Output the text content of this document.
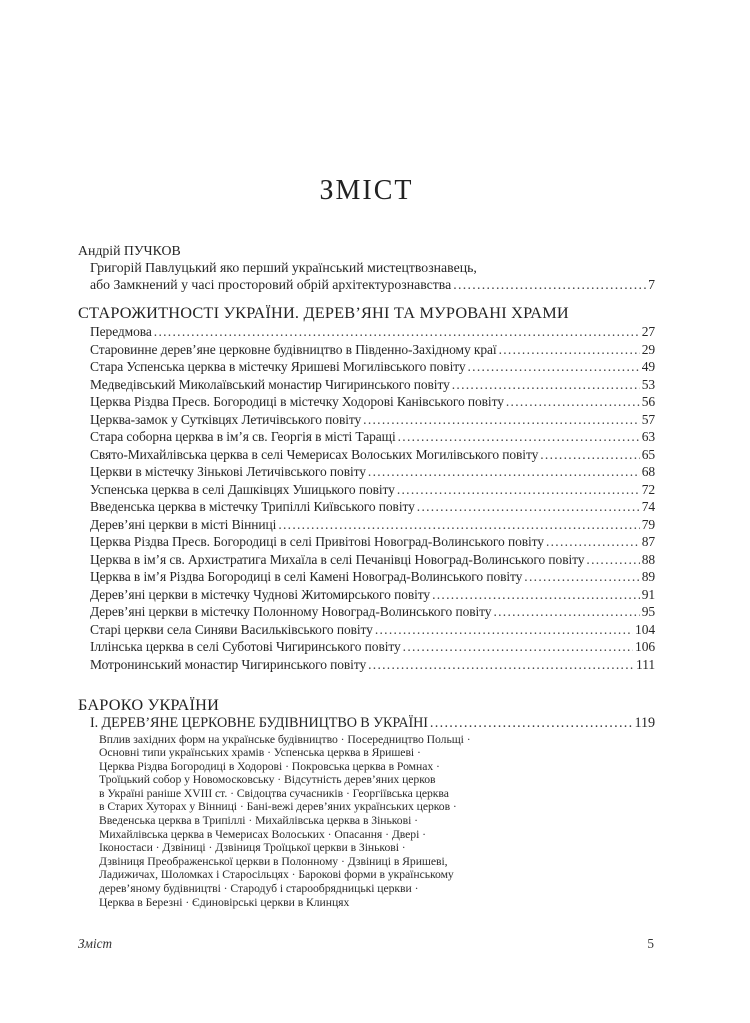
ЗМІСТ
Андрій ПУЧКОВ
Григорій Павлуцький яко перший український мистецтвознавець,
або Замкнений у часі просторовий обрій архітектурознавства .....	7
СТАРОЖИТНОСТІ УКРАЇНИ. ДЕРЕВ’ЯНІ ТА МУРОВАНІ ХРАМИ
Передмова .....	27
Старовинне дерев’яне церковне будівництво в Південно-Західному краї .....	29
Стара Успенська церква в містечку Яришеві Могилівського повіту .....	49
Медведівський Миколаївський монастир Чигиринського повіту .....	53
Церква Різдва Пресв. Богородиці в містечку Ходорові Канівського повіту .....	56
Церква-замок у Сутківцях Летичівського повіту .....	57
Стара соборна церква в ім’я св. Георгія в місті Таращі .....	63
Свято-Михайлівська церква в селі Чемерисах Волоських Могилівського повіту .....	65
Церкви в містечку Зінькові Летичівського повіту .....	68
Успенська церква в селі Дашківцях Ушицького повіту .....	72
Введенська церква в містечку Трипіллі Київського повіту .....	74
Дерев’яні церкви в місті Вінниці .....	79
Церква Різдва Пресв. Богородиці в селі Привітові Новоград-Волинського повіту .....	87
Церква в ім’я св. Архистратига Михаїла в селі Печанівці Новоград-Волинського повіту .....	88
Церква в ім’я Різдва Богородиці в селі Камені Новоград-Волинського повіту .....	89
Дерев’яні церкви в містечку Чуднові Житомирського повіту .....	91
Дерев’яні церкви в містечку Полонному Новоград-Волинського повіту .....	95
Старі церкви села Синяви Васильківського повіту .....	104
Іллінська церква в селі Суботові Чигиринського повіту .....	106
Мотронинський монастир Чигиринського повіту .....	111
БАРОКО УКРАЇНИ
І. ДЕРЕВ’ЯНЕ ЦЕРКОВНЕ БУДІВНИЦТВО В УКРАЇНІ .....	119
Вплив західних форм на українське будівництво · Посередництво Польщі ·
Основні типи українських храмів · Успенська церква в Яришеві ·
Церква Різдва Богородиці в Ходорові · Покровська церква в Ромнах ·
Троїцький собор у Новомосковську · Відсутність дерев’яних церков
в Україні раніше XVIII ст. · Свідоцтва сучасників · Георгіївська церква
в Старих Хуторах у Вінниці · Бані-вежі дерев’яних українських церков ·
Введенська церква в Трипіллі · Михайлівська церква в Зінькові ·
Михайлівська церква в Чемерисах Волоських · Опасання · Двері ·
Іконостаси · Дзвіниці · Дзвіниця Троїцької церкви в Зінькові ·
Дзвіниця Преображенської церкви в Полонному · Дзвіниці в Яришеві,
Ладижичах, Шоломках і Старосільцях · Барокові форми в українському
дерев’яному будівництві · Стародуб і старообрядницькі церкви ·
Церква в Березні · Єдиновірські церкви в Клинцях
Зміст	5
